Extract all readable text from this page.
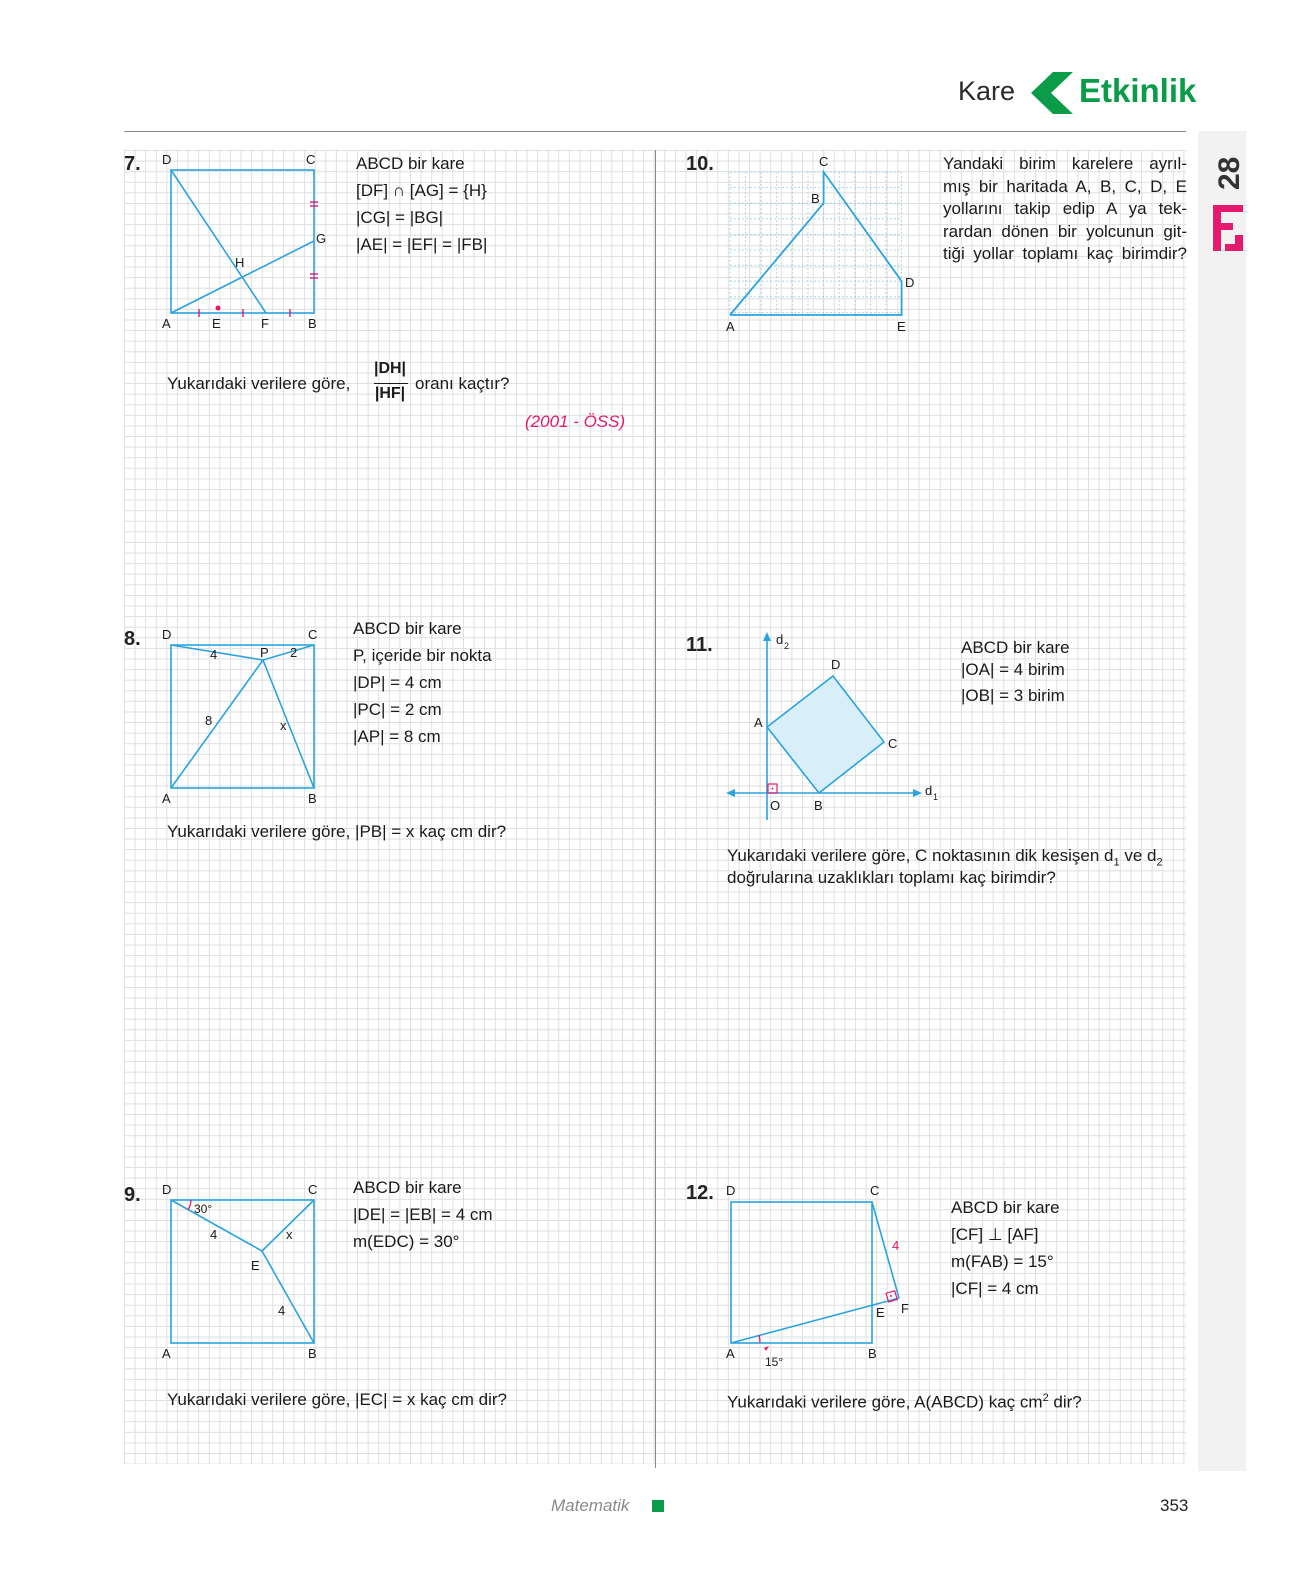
Kare Etkinlik
28
7. D	C
G
H
A	E	F	B
ABCD bir kare
[DF] ∩ [AG] = {H}
|CG| = |BG|
|AE| = |EF| = |FB|
Yukarıdaki verilere göre,
|DH|
|HF|
oranı kaçtır?
(2001 - ÖSS)
8. D	C
P
4	2
8	x
A	B
ABCD bir kare
P, içeride bir nokta
|DP| = 4 cm
|PC| = 2 cm
|AP| = 8 cm
Yukarıdaki verilere göre, |PB| = x kaç cm dir?
9. D	C
30°
4	x
E
4
A	B
ABCD bir kare
|DE| = |EB| = 4 cm
m(EDC) = 30°
Yukarıdaki verilere göre, |EC| = x kaç cm dir?
10.	C
B
D
A	E
Yandaki birim karelere ayrıl-
mış bir haritada A, B, C, D, E
yollarını takip edip A ya tek-
rardan dönen bir yolcunun git-
tiği yollar toplamı kaç birimdir?
11.	d 2
D
A
C
d 1
O	B
ABCD bir kare
|OA| = 4 birim
|OB| = 3 birim
Yukarıdaki verilere göre, C noktasının dik kesişen $d_1$ ve $d_2$
doğrularına uzaklıkları toplamı kaç birimdir?
12. D	C
4
E F
A	B
15°
ABCD bir kare
[CF] ⊥ [AF]
m(FAB) = 15°
|CF| = 4 cm
Yukarıdaki verilere göre, A(ABCD) kaç $cm^2$ dir?
Matematik	353
